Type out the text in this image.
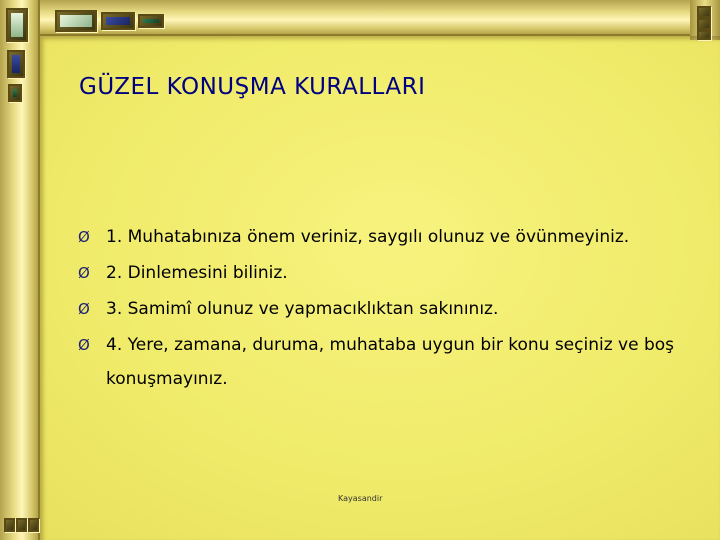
GÜZEL KONUŞMA KURALLARI
Ø 1. Muhatabınıza önem veriniz, saygılı olunuz ve övünmeyiniz.
Ø 2. Dinlemesini biliniz.
Ø 3. Samimî olunuz ve yapmacıklıktan sakınınız.
Ø 4. Yere, zamana, duruma, muhataba uygun bir konu seçiniz ve boş konuşmayınız.
Kayasandir
